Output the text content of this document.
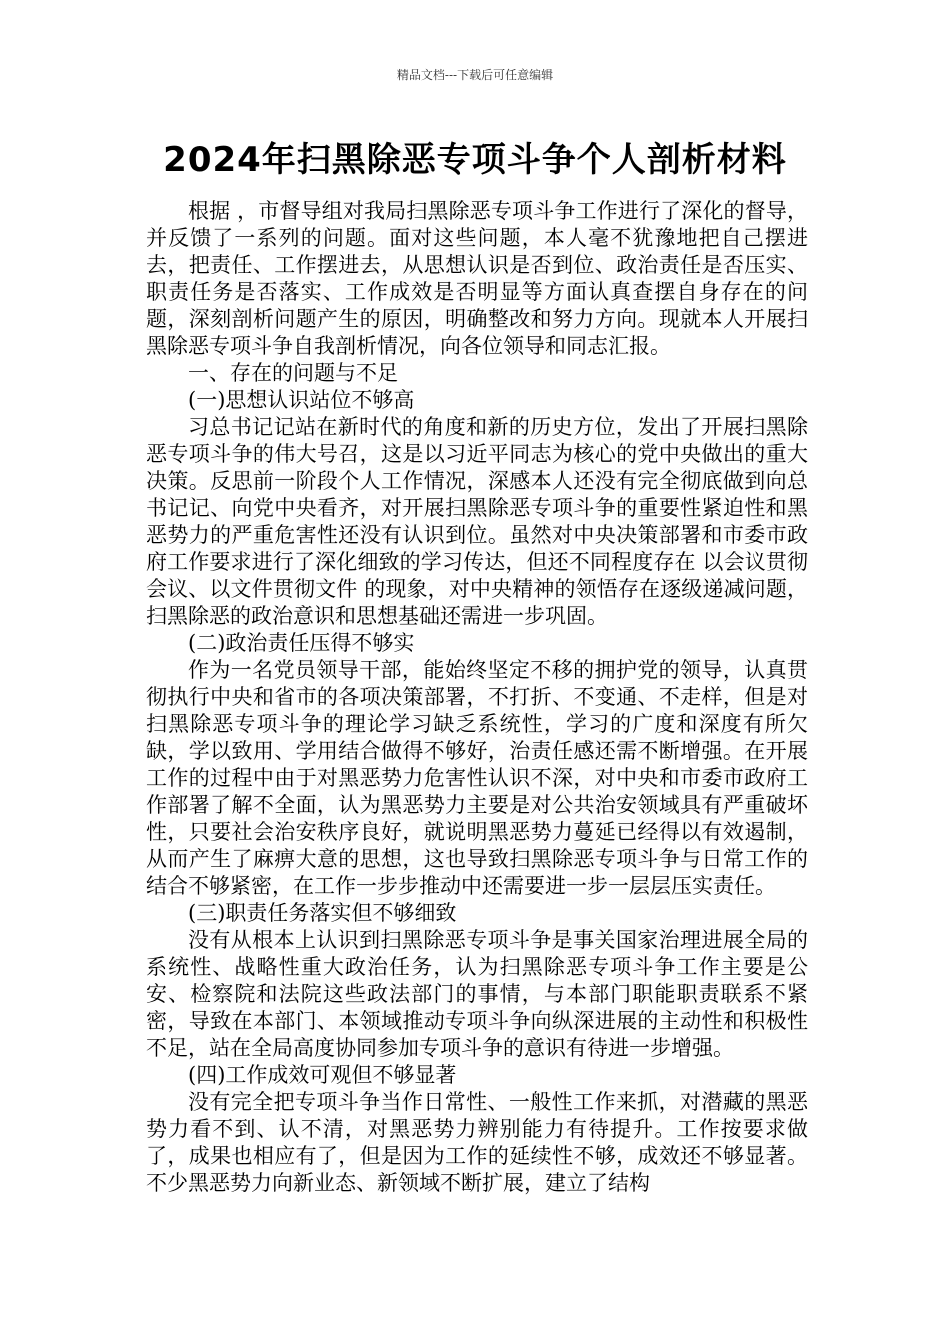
精品文档---下载后可任意编辑
2024年扫黑除恶专项斗争个人剖析材料

根据 ，市督导组对我局扫黑除恶专项斗争工作进行了深化的督导，并反馈了一系列的问题。面对这些问题，本人毫不犹豫地把自己摆进去，把责任、工作摆进去，从思想认识是否到位、政治责任是否压实、职责任务是否落实、工作成效是否明显等方面认真查摆自身存在的问题，深刻剖析问题产生的原因，明确整改和努力方向。现就本人开展扫黑除恶专项斗争自我剖析情况，向各位领导和同志汇报。

一、存在的问题与不足

(一)思想认识站位不够高

习总书记记站在新时代的角度和新的历史方位，发出了开展扫黑除恶专项斗争的伟大号召，这是以习近平同志为核心的党中央做出的重大决策。反思前一阶段个人工作情况，深感本人还没有完全彻底做到向总书记记、向党中央看齐，对开展扫黑除恶专项斗争的重要性紧迫性和黑恶势力的严重危害性还没有认识到位。虽然对中央决策部署和市委市政府工作要求进行了深化细致的学习传达，但还不同程度存在 以会议贯彻会议、以文件贯彻文件 的现象，对中央精神的领悟存在逐级递减问题，扫黑除恶的政治意识和思想基础还需进一步巩固。

(二)政治责任压得不够实

作为一名党员领导干部，能始终坚定不移的拥护党的领导，认真贯彻执行中央和省市的各项决策部署，不打折、不变通、不走样，但是对扫黑除恶专项斗争的理论学习缺乏系统性，学习的广度和深度有所欠缺，学以致用、学用结合做得不够好，治责任感还需不断增强。在开展工作的过程中由于对黑恶势力危害性认识不深，对中央和市委市政府工作部署了解不全面，认为黑恶势力主要是对公共治安领域具有严重破坏性，只要社会治安秩序良好，就说明黑恶势力蔓延已经得以有效遏制，从而产生了麻痹大意的思想，这也导致扫黑除恶专项斗争与日常工作的结合不够紧密，在工作一步步推动中还需要进一步一层层压实责任。

(三)职责任务落实但不够细致

没有从根本上认识到扫黑除恶专项斗争是事关国家治理进展全局的系统性、战略性重大政治任务，认为扫黑除恶专项斗争工作主要是公安、检察院和法院这些政法部门的事情，与本部门职能职责联系不紧密，导致在本部门、本领域推动专项斗争向纵深进展的主动性和积极性不足，站在全局高度协同参加专项斗争的意识有待进一步增强。

(四)工作成效可观但不够显著

没有完全把专项斗争当作日常性、一般性工作来抓，对潜藏的黑恶势力看不到、认不清，对黑恶势力辨别能力有待提升。工作按要求做了，成果也相应有了，但是因为工作的延续性不够，成效还不够显著。不少黑恶势力向新业态、新领域不断扩展，建立了结构
